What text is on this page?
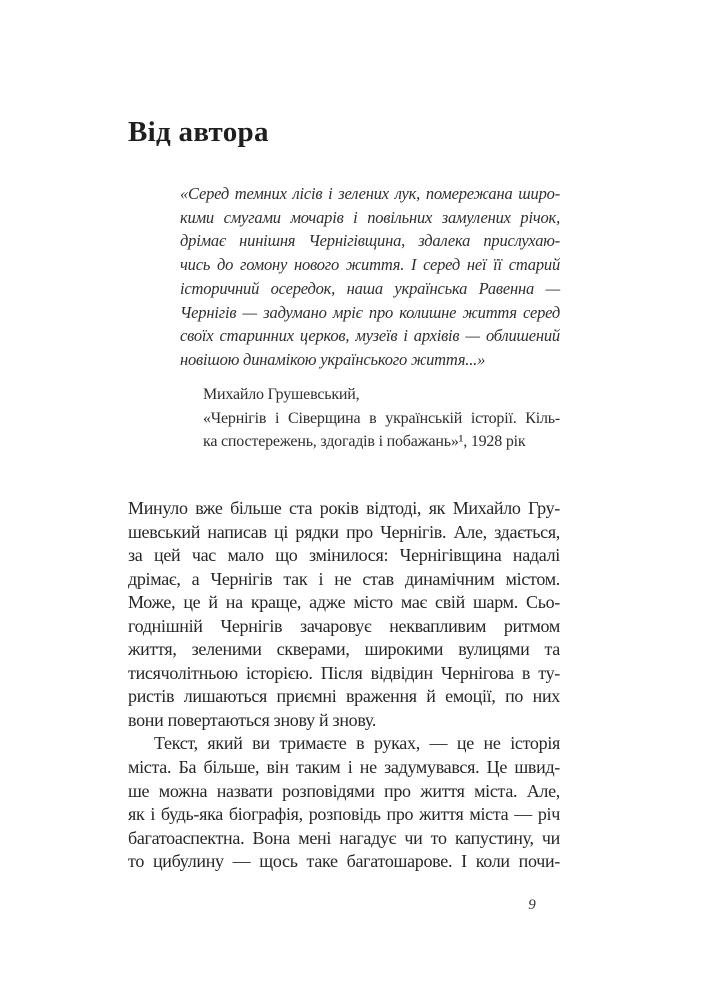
Від автора
«Серед темних лісів і зелених лук, помережана широ-
кими смугами мочарів і повільних замулених річок,
дрімає нинішня Чернігівщина, здалека прислухаю-
чись до гомону нового життя. І серед неї її старий
історичний осередок, наша українська Равенна —
Чернігів — задумано мріє про колишне життя серед
своїх старинних церков, музеїв і архівів — облишений
новішою динамікою українського життя...»
Михайло Грушевський,
«Чернігів і Сіверщина в українській історії. Кіль-
ка спостережень, здогадів і побажань»¹, 1928 рік
Минуло вже більше ста років відтоді, як Михайло Гру-
шевський написав ці рядки про Чернігів. Але, здається,
за цей час мало що змінилося: Чернігівщина надалі
дрімає, а Чернігів так і не став динамічним містом.
Може, це й на краще, адже місто має свій шарм. Сьо-
годнішній Чернігів зачаровує неквапливим ритмом
життя, зеленими скверами, широкими вулицями та
тисячолітньою історією. Після відвідин Чернігова в ту-
ристів лишаються приємні враження й емоції, по них
вони повертаються знову й знову.
Текст, який ви тримаєте в руках, — це не історія
міста. Ба більше, він таким і не задумувався. Це швид-
ше можна назвати розповідями про життя міста. Але,
як і будь-яка біографія, розповідь про життя міста — річ
багатоаспектна. Вона мені нагадує чи то капустину, чи
то цибулину — щось таке багатошарове. І коли почи-
9
